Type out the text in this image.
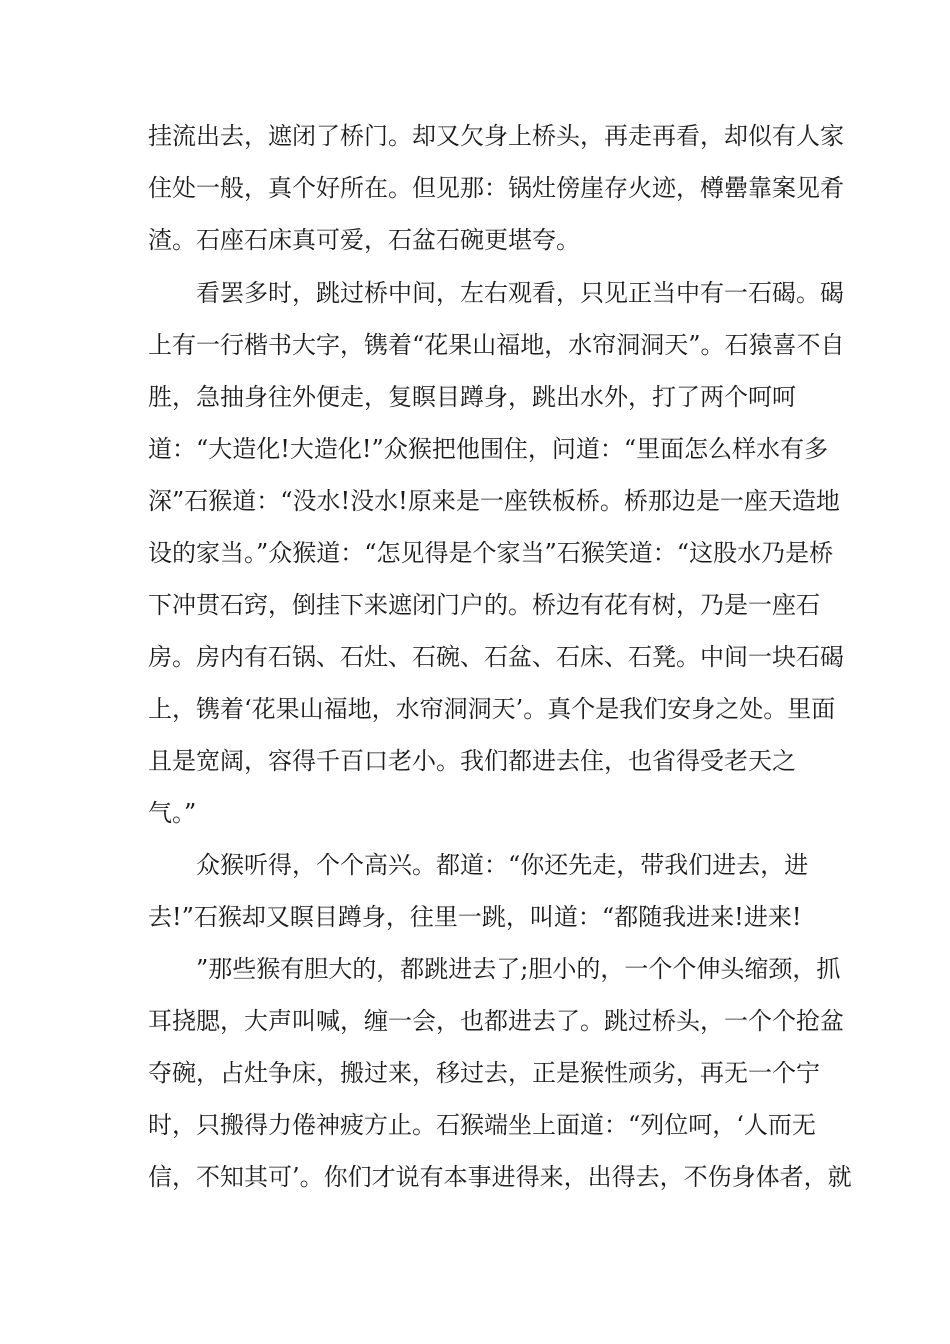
挂流出去，遮闭了桥门。却又欠身上桥头，再走再看，却似有人家
住处一般，真个好所在。但见那：锅灶傍崖存火迹，樽罍靠案见肴
渣。石座石床真可爱，石盆石碗更堪夸。
看罢多时，跳过桥中间，左右观看，只见正当中有一石碣。碣
上有一行楷书大字，镌着“花果山福地，水帘洞洞天”。石猿喜不自
胜，急抽身往外便走，复瞑目蹲身，跳出水外，打了两个呵呵
道：“大造化!大造化!”众猴把他围住，问道：“里面怎么样水有多
深”石猴道：“没水!没水!原来是一座铁板桥。桥那边是一座天造地
设的家当。”众猴道：“怎见得是个家当”石猴笑道：“这股水乃是桥
下冲贯石窍，倒挂下来遮闭门户的。桥边有花有树，乃是一座石
房。房内有石锅、石灶、石碗、石盆、石床、石凳。中间一块石碣
上，镌着‘花果山福地，水帘洞洞天’。真个是我们安身之处。里面
且是宽阔，容得千百口老小。我们都进去住，也省得受老天之
气。”
众猴听得，个个高兴。都道：“你还先走，带我们进去，进
去!”石猴却又瞑目蹲身，往里一跳，叫道：“都随我进来!进来!
”那些猴有胆大的，都跳进去了;胆小的，一个个伸头缩颈，抓
耳挠腮，大声叫喊，缠一会，也都进去了。跳过桥头，一个个抢盆
夺碗，占灶争床，搬过来，移过去，正是猴性顽劣，再无一个宁
时，只搬得力倦神疲方止。石猴端坐上面道：“列位呵，‘人而无
信，不知其可’。你们才说有本事进得来，出得去，不伤身体者，就
